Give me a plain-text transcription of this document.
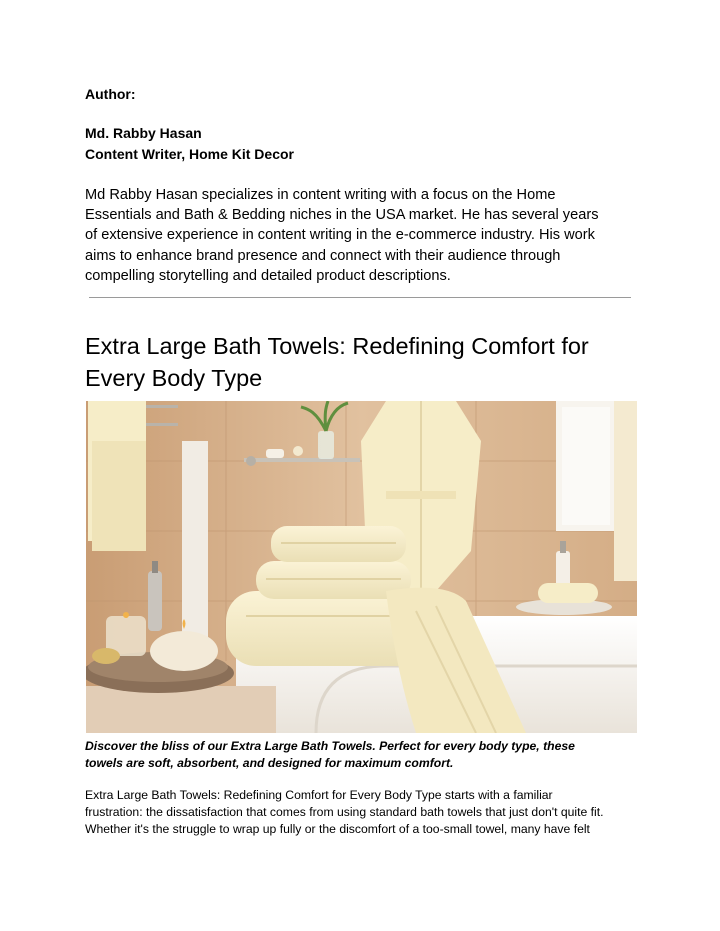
Author:
Md. Rabby Hasan
Content Writer, Home Kit Decor
Md Rabby Hasan specializes in content writing with a focus on the Home
Essentials and Bath & Bedding niches in the USA market. He has several years
of extensive experience in content writing in the e-commerce industry. His work
aims to enhance brand presence and connect with their audience through
compelling storytelling and detailed product descriptions.
Extra Large Bath Towels: Redefining Comfort for
Every Body Type
Discover the bliss of our Extra Large Bath Towels. Perfect for every body type, these
towels are soft, absorbent, and designed for maximum comfort.
Extra Large Bath Towels: Redefining Comfort for Every Body Type starts with a familiar
frustration: the dissatisfaction that comes from using standard bath towels that just don't quite fit.
Whether it's the struggle to wrap up fully or the discomfort of a too-small towel, many have felt
